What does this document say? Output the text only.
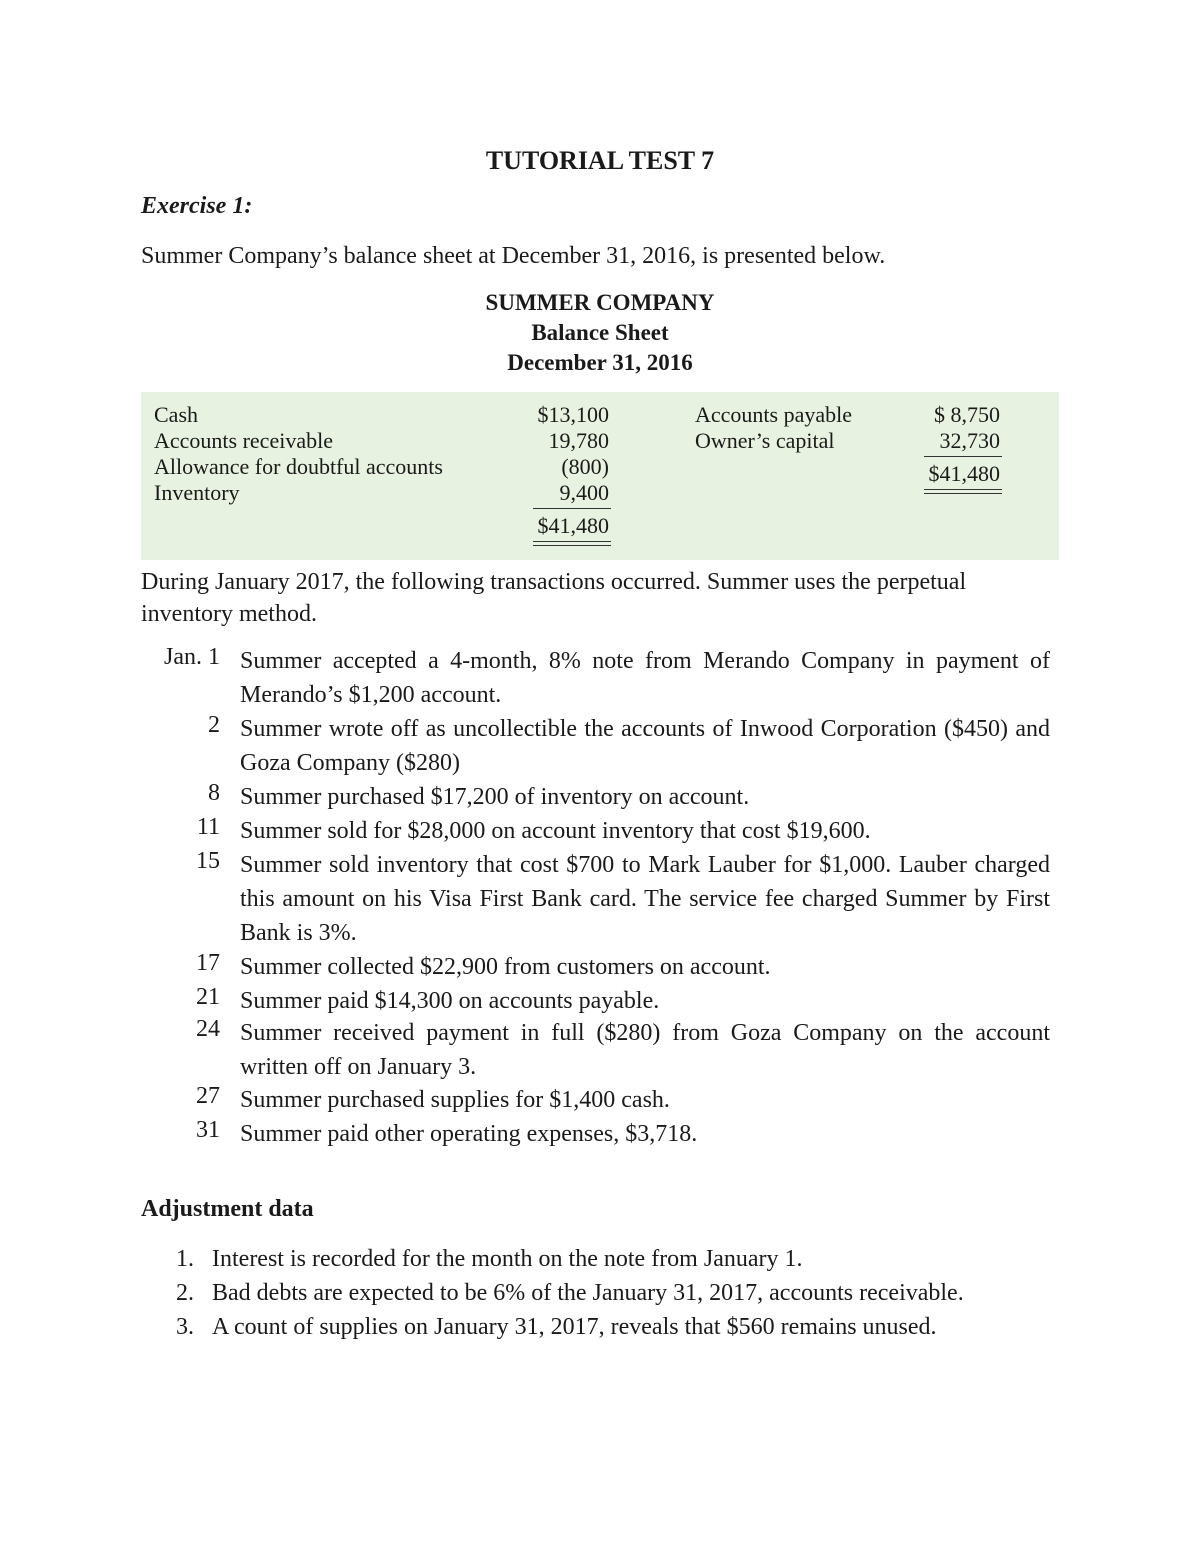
TUTORIAL TEST 7
Exercise 1:
Summer Company’s balance sheet at December 31, 2016, is presented below.
SUMMER COMPANY
Balance Sheet
December 31, 2016
Cash
Accounts receivable
Allowance for doubtful accounts
Inventory
$13,100
19,780
(800)
9,400
$41,480
Accounts payable
Owner’s capital
$ 8,750
32,730
$41,480
During January 2017, the following transactions occurred. Summer uses the perpetual inventory method.
Jan. 1 Summer accepted a 4-month, 8% note from Merando Company in payment of Merando’s $1,200 account.
2 Summer wrote off as uncollectible the accounts of Inwood Corporation ($450) and Goza Company ($280)
8 Summer purchased $17,200 of inventory on account.
11 Summer sold for $28,000 on account inventory that cost $19,600.
15 Summer sold inventory that cost $700 to Mark Lauber for $1,000. Lauber charged this amount on his Visa First Bank card. The service fee charged Summer by First Bank is 3%.
17 Summer collected $22,900 from customers on account.
21 Summer paid $14,300 on accounts payable.
24 Summer received payment in full ($280) from Goza Company on the account written off on January 3.
27 Summer purchased supplies for $1,400 cash.
31 Summer paid other operating expenses, $3,718.
Adjustment data
1. Interest is recorded for the month on the note from January 1.
2. Bad debts are expected to be 6% of the January 31, 2017, accounts receivable.
3. A count of supplies on January 31, 2017, reveals that $560 remains unused.
